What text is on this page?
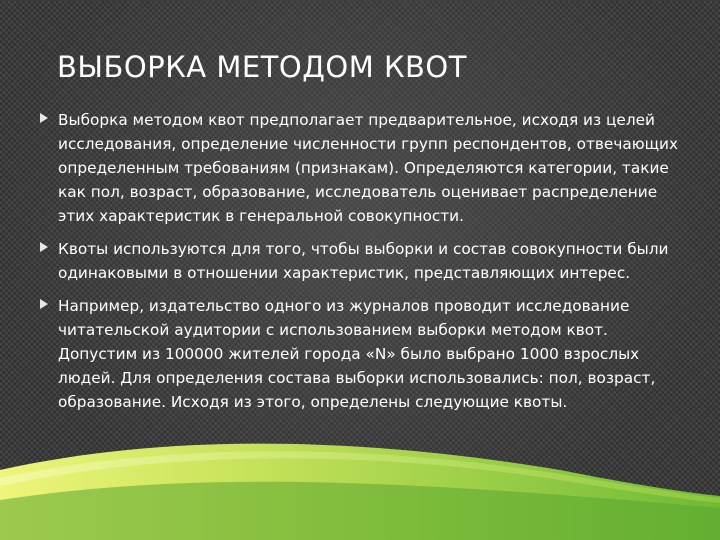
ВЫБОРКА МЕТОДОМ КВОТ
Выборка методом квот предполагает предварительное, исходя из целей исследования, определение численности групп респондентов, отвечающих определенным требованиям (признакам). Определяются категории, такие как пол, возраст, образование, исследователь оценивает распределение этих характеристик в генеральной совокупности.
Квоты используются для того, чтобы выборки и состав совокупности были одинаковыми в отношении характеристик, представляющих интерес.
Например, издательство одного из журналов проводит исследование читательской аудитории с использованием выборки методом квот. Допустим из 100000 жителей города «N» было выбрано 1000 взрослых людей. Для определения состава выборки использовались: пол, возраст, образование. Исходя из этого, определены следующие квоты.
